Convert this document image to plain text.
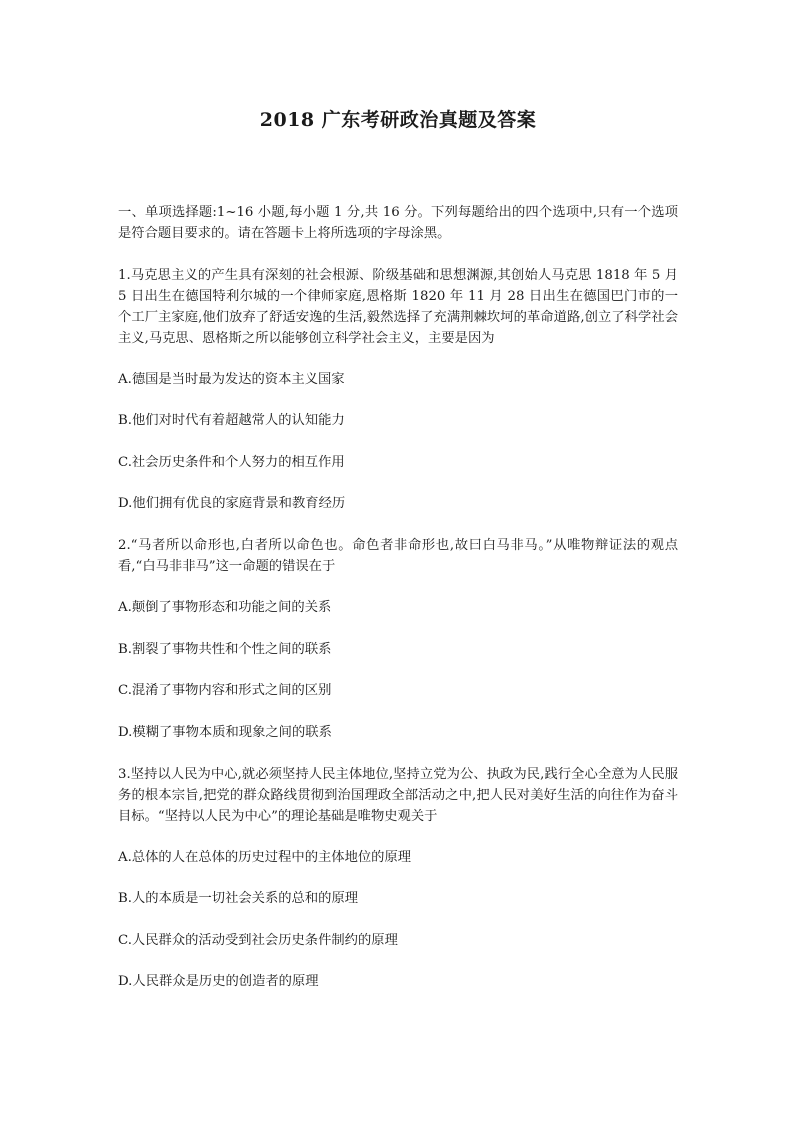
2018 广东考研政治真题及答案

一、单项选择题:1~16 小题,每小题 1 分,共 16 分。下列每题给出的四个选项中,只有一个选项是符合题目要求的。请在答题卡上将所选项的字母涂黑。

1.马克思主义的产生具有深刻的社会根源、阶级基础和思想渊源,其创始人马克思 1818 年 5 月 5 日出生在德国特利尔城的一个律师家庭,恩格斯 1820 年 11 月 28 日出生在德国巴门市的一个工厂主家庭,他们放弃了舒适安逸的生活,毅然选择了充满荆棘坎坷的革命道路,创立了科学社会主义,马克思、恩格斯之所以能够创立科学社会主义，主要是因为

A.德国是当时最为发达的资本主义国家

B.他们对时代有着超越常人的认知能力

C.社会历史条件和个人努力的相互作用

D.他们拥有优良的家庭背景和教育经历

2.“马者所以命形也,白者所以命色也。命色者非命形也,故曰白马非马。”从唯物辩证法的观点看,“白马非非马”这一命题的错误在于

A.颠倒了事物形态和功能之间的关系

B.割裂了事物共性和个性之间的联系

C.混淆了事物内容和形式之间的区别

D.模糊了事物本质和现象之间的联系

3.坚持以人民为中心,就必须坚持人民主体地位,坚持立党为公、执政为民,践行全心全意为人民服务的根本宗旨,把党的群众路线贯彻到治国理政全部活动之中,把人民对美好生活的向往作为奋斗目标。“坚持以人民为中心”的理论基础是唯物史观关于

A.总体的人在总体的历史过程中的主体地位的原理

B.人的本质是一切社会关系的总和的原理

C.人民群众的活动受到社会历史条件制约的原理

D.人民群众是历史的创造者的原理
